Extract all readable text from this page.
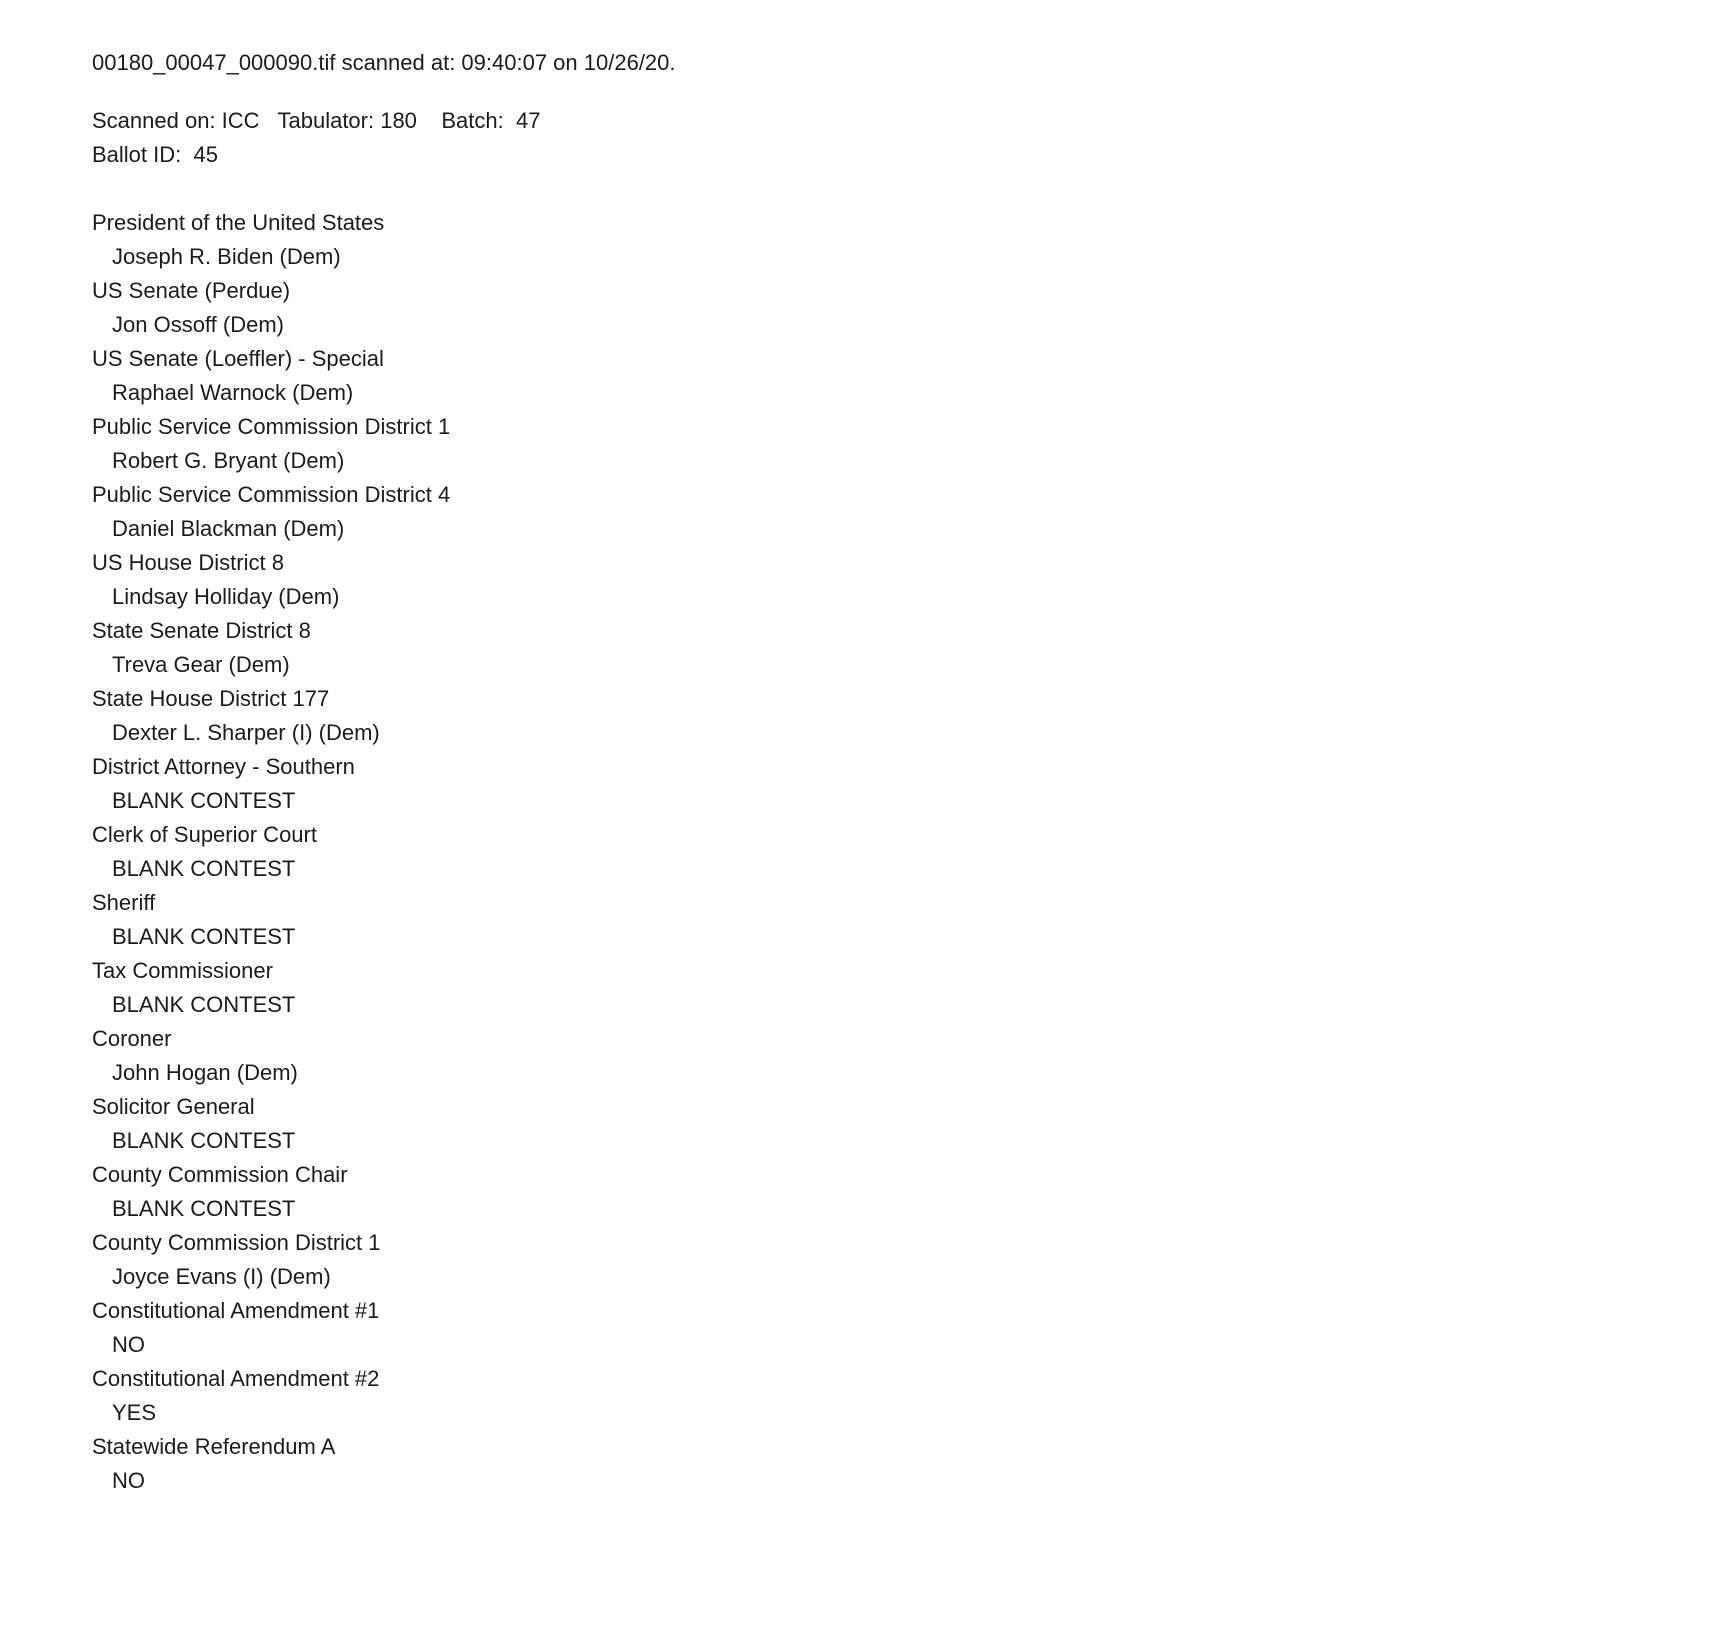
00180_00047_000090.tif scanned at: 09:40:07 on 10/26/20.
Scanned on: ICC   Tabulator: 180    Batch:  47
Ballot ID:  45
President of the United States
Joseph R. Biden (Dem)
US Senate (Perdue)
Jon Ossoff (Dem)
US Senate (Loeffler) - Special
Raphael Warnock (Dem)
Public Service Commission District 1
Robert G. Bryant (Dem)
Public Service Commission District 4
Daniel Blackman (Dem)
US House District 8
Lindsay Holliday (Dem)
State Senate District 8
Treva Gear (Dem)
State House District 177
Dexter L. Sharper (I) (Dem)
District Attorney - Southern
BLANK CONTEST
Clerk of Superior Court
BLANK CONTEST
Sheriff
BLANK CONTEST
Tax Commissioner
BLANK CONTEST
Coroner
John Hogan (Dem)
Solicitor General
BLANK CONTEST
County Commission Chair
BLANK CONTEST
County Commission District 1
Joyce Evans (I) (Dem)
Constitutional Amendment #1
NO
Constitutional Amendment #2
YES
Statewide Referendum A
NO
